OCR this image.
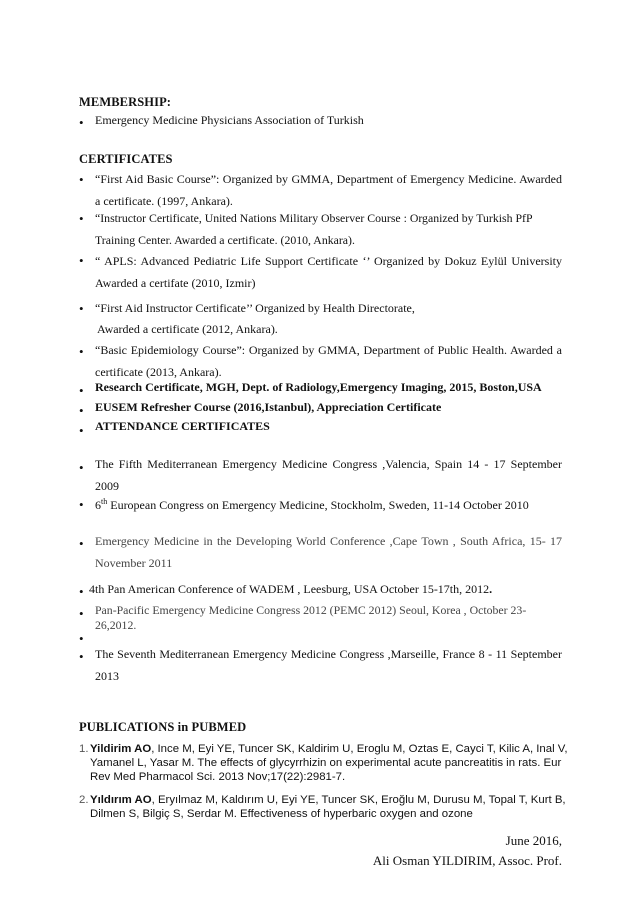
MEMBERSHIP:
• Emergency Medicine Physicians Association of Turkish
CERTIFICATES
• “First Aid Basic Course”: Organized by GMMA, Department of Emergency Medicine. Awarded a certificate. (1997, Ankara).
• “Instructor Certificate, United Nations Military Observer Course : Organized by Turkish PfP Training Center. Awarded a certificate. (2010, Ankara).
• “ APLS: Advanced Pediatric Life Support Certificate ‘’ Organized by Dokuz Eylül University Awarded a certifate (2010, Izmir)
• “First Aid Instructor Certificate’’ Organized by Health Directorate,
Awarded a certificate (2012, Ankara).
• “Basic Epidemiology Course”: Organized by GMMA, Department of Public Health. Awarded a certificate (2013, Ankara).
• Research Certificate, MGH, Dept. of Radiology,Emergency Imaging, 2015, Boston,USA
• EUSEM Refresher Course (2016,Istanbul), Appreciation Certificate
• ATTENDANCE CERTIFICATES
• The Fifth Mediterranean Emergency Medicine Congress ,Valencia, Spain 14 - 17 September 2009
• 6th European Congress on Emergency Medicine, Stockholm, Sweden, 11-14 October 2010
• Emergency Medicine in the Developing World Conference ,Cape Town , South Africa, 15- 17 November 2011
• 4th Pan American Conference of WADEM , Leesburg, USA October 15-17th, 2012.
• Pan-Pacific Emergency Medicine Congress 2012 (PEMC 2012) Seoul, Korea , October 23-26,2012.
•
• The Seventh Mediterranean Emergency Medicine Congress ,Marseille, France 8 - 11 September 2013
PUBLICATIONS in PUBMED
1. Yildirim AO, Ince M, Eyi YE, Tuncer SK, Kaldirim U, Eroglu M, Oztas E, Cayci T, Kilic A, Inal V, Yamanel L, Yasar M. The effects of glycyrrhizin on experimental acute pancreatitis in rats. Eur Rev Med Pharmacol Sci. 2013 Nov;17(22):2981-7.
2. Yıldırım AO, Eryılmaz M, Kaldırım U, Eyi YE, Tuncer SK, Eroğlu M, Durusu M, Topal T, Kurt B, Dilmen S, Bilgiç S, Serdar M. Effectiveness of hyperbaric oxygen and ozone
June 2016,
Ali Osman YILDIRIM, Assoc. Prof.
